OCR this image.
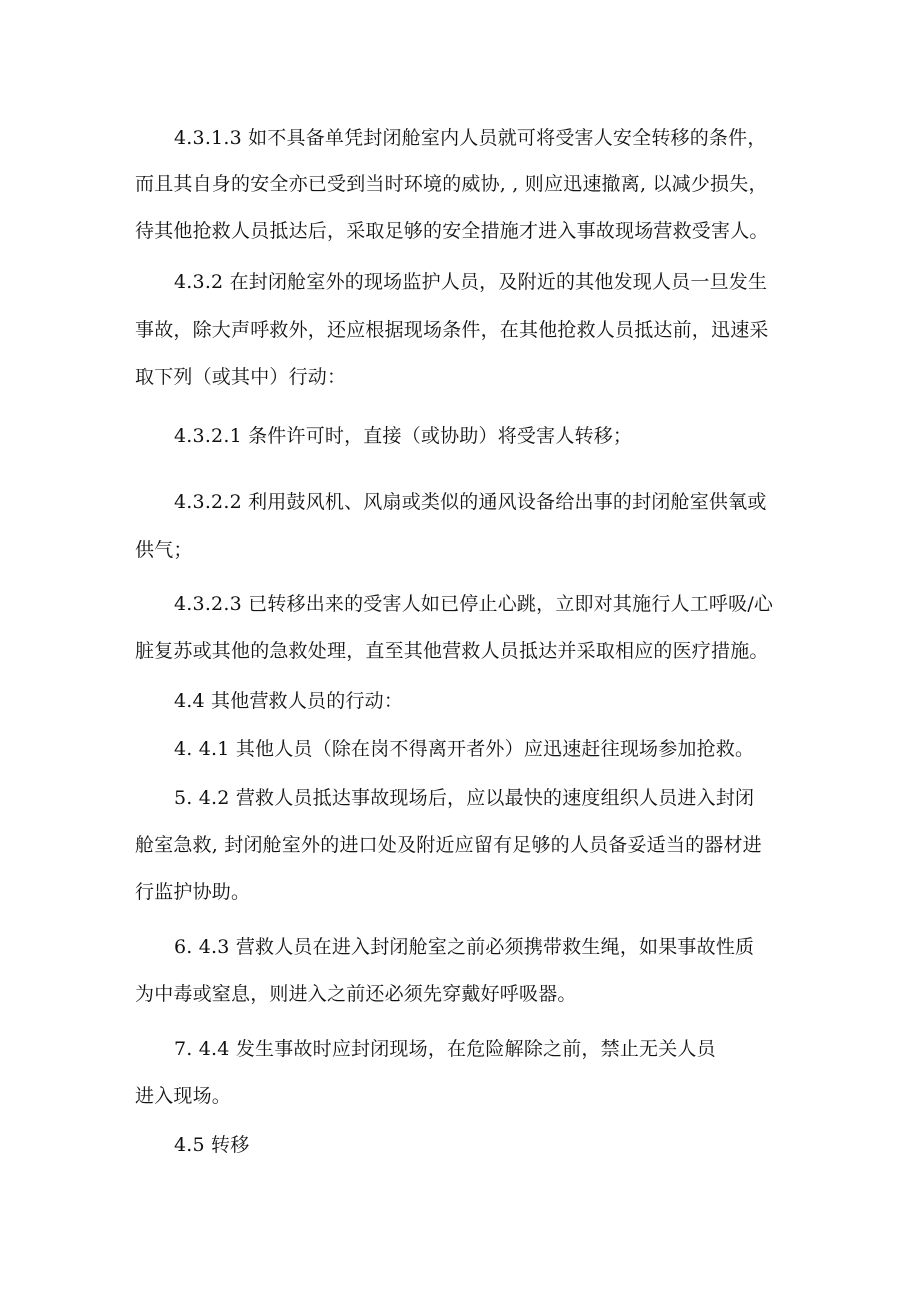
4.3.1.3 如不具备单凭封闭舱室内人员就可将受害人安全转移的条件，
而且其自身的安全亦已受到当时环境的威协, , 则应迅速撤离, 以减少损失，
待其他抢救人员抵达后，采取足够的安全措施才进入事故现场营救受害人。
4.3.2 在封闭舱室外的现场监护人员，及附近的其他发现人员一旦发生
事故，除大声呼救外，还应根据现场条件，在其他抢救人员抵达前，迅速采
取下列（或其中）行动：
4.3.2.1 条件许可时，直接（或协助）将受害人转移；
4.3.2.2 利用鼓风机、风扇或类似的通风设备给出事的封闭舱室供氧或
供气；
4.3.2.3 已转移出来的受害人如已停止心跳，立即对其施行人工呼吸/心
脏复苏或其他的急救处理，直至其他营救人员抵达并采取相应的医疗措施。
4.4 其他营救人员的行动：
4. 4.1 其他人员（除在岗不得离开者外）应迅速赶往现场参加抢救。
5. 4.2 营救人员抵达事故现场后，应以最快的速度组织人员进入封闭
舱室急救, 封闭舱室外的进口处及附近应留有足够的人员备妥适当的器材进
行监护协助。
6. 4.3 营救人员在进入封闭舱室之前必须携带救生绳，如果事故性质
为中毒或窒息，则进入之前还必须先穿戴好呼吸器。
7. 4.4 发生事故时应封闭现场，在危险解除之前，禁止无关人员
进入现场。
4.5 转移
